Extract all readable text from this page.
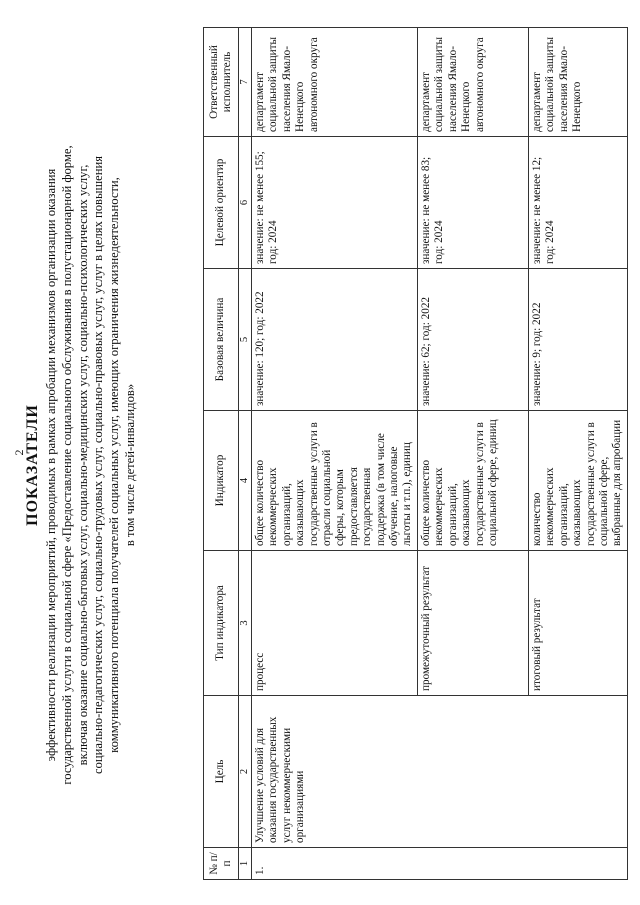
2
ПОКАЗАТЕЛИ эффективности реализации мероприятий, проводимых в рамках апробации механизмов организации оказания государственной услуги в социальной сфере «Предоставление социального обслуживания в полустационарной форме, включая оказание социально-бытовых услуг, социально-медицинских услуг, социально-психологических услуг, социально-педагогических услуг, социально-трудовых услуг, социально-правовых услуг, услуг в целях повышения коммуникативного потенциала получателей социальных услуг, имеющих ограничения жизнедеятельности, в том числе детей-инвалидов»
№ п/п	Цель	Тип индикатора	Индикатор	Базовая величина	Целевой ориентир	Ответственный исполнитель
1	2	3	4	5	6	7
1.	Улучшение условий для оказания государственных услуг некоммерческими организациями	процесс	общее количество некоммерческих организаций, оказывающих государственные услуги в отрасли социальной сферы, которым предоставляется государственная поддержка (в том числе обучение, налоговые льготы и т.п.), единиц	значение: 120; год: 2022	значение: не менее 155; год: 2024	департамент социальной защиты населения Ямало-Ненецкого автономного округа
		промежуточный результат	общее количество некоммерческих организаций, оказывающих государственные услуги в социальной сфере, единиц	значение: 62; год: 2022	значение: не менее 83; год: 2024	департамент социальной защиты населения Ямало-Ненецкого автономного округа
		итоговый результат	количество некоммерческих организаций, оказывающих государственные услуги в социальной сфере, выбранные для апробации	значение: 9; год: 2022	значение: не менее 12; год: 2024	департамент социальной защиты населения Ямало-Ненецкого
